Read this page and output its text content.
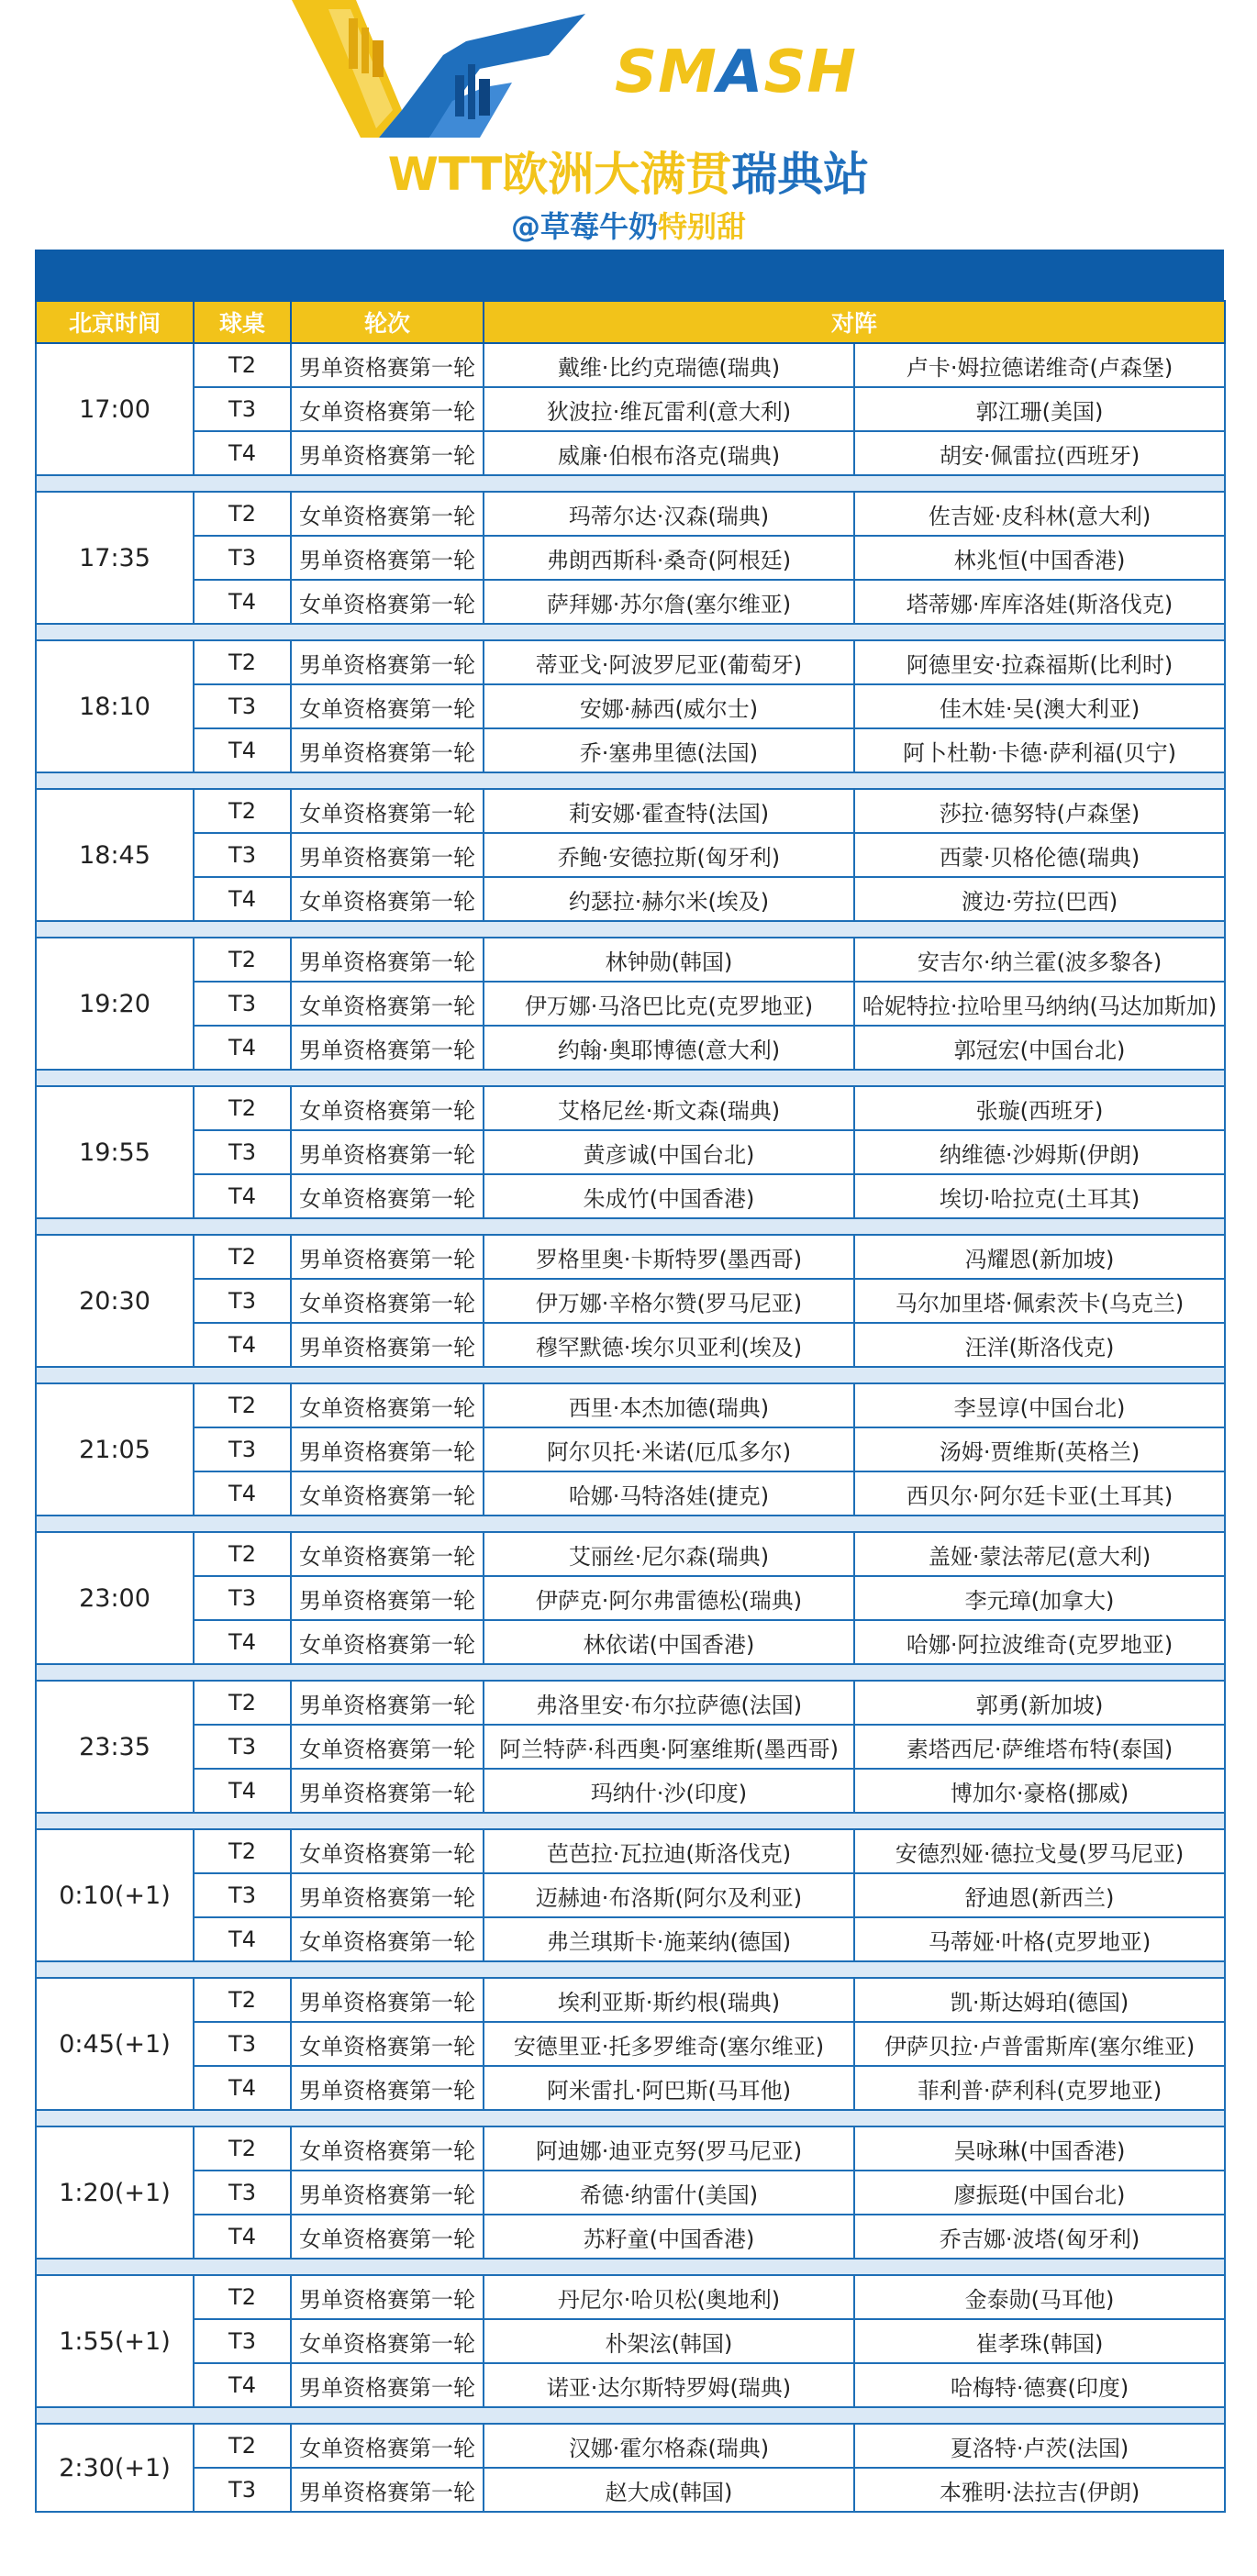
SMASH
WTT欧洲大满贯瑞典站
@草莓牛奶特别甜
北京时间	球桌	轮次	对阵	
17:00	T2	男单资格赛第一轮	戴维·比约克瑞德(瑞典)	卢卡·姆拉德诺维奇(卢森堡)
	T3	女单资格赛第一轮	狄波拉·维瓦雷利(意大利)	郭江珊(美国)
	T4	男单资格赛第一轮	威廉·伯根布洛克(瑞典)	胡安·佩雷拉(西班牙)

17:35	T2	女单资格赛第一轮	玛蒂尔达·汉森(瑞典)	佐吉娅·皮科林(意大利)
	T3	男单资格赛第一轮	弗朗西斯科·桑奇(阿根廷)	林兆恒(中国香港)
	T4	女单资格赛第一轮	萨拜娜·苏尔詹(塞尔维亚)	塔蒂娜·库库洛娃(斯洛伐克)

18:10	T2	男单资格赛第一轮	蒂亚戈·阿波罗尼亚(葡萄牙)	阿德里安·拉森福斯(比利时)
	T3	女单资格赛第一轮	安娜·赫西(威尔士)	佳木娃·吴(澳大利亚)
	T4	男单资格赛第一轮	乔·塞弗里德(法国)	阿卜杜勒·卡德·萨利福(贝宁)

18:45	T2	女单资格赛第一轮	莉安娜·霍查特(法国)	莎拉·德努特(卢森堡)
	T3	男单资格赛第一轮	乔鲍·安德拉斯(匈牙利)	西蒙·贝格伦德(瑞典)
	T4	女单资格赛第一轮	约瑟拉·赫尔米(埃及)	渡边·劳拉(巴西)

19:20	T2	男单资格赛第一轮	林钟勋(韩国)	安吉尔·纳兰霍(波多黎各)
	T3	女单资格赛第一轮	伊万娜·马洛巴比克(克罗地亚)	哈妮特拉·拉哈里马纳纳(马达加斯加)
	T4	男单资格赛第一轮	约翰·奥耶博德(意大利)	郭冠宏(中国台北)

19:55	T2	女单资格赛第一轮	艾格尼丝·斯文森(瑞典)	张璇(西班牙)
	T3	男单资格赛第一轮	黄彦诚(中国台北)	纳维德·沙姆斯(伊朗)
	T4	女单资格赛第一轮	朱成竹(中国香港)	埃切·哈拉克(土耳其)

20:30	T2	男单资格赛第一轮	罗格里奥·卡斯特罗(墨西哥)	冯耀恩(新加坡)
	T3	女单资格赛第一轮	伊万娜·辛格尔赞(罗马尼亚)	马尔加里塔·佩索茨卡(乌克兰)
	T4	男单资格赛第一轮	穆罕默德·埃尔贝亚利(埃及)	汪洋(斯洛伐克)

21:05	T2	女单资格赛第一轮	西里·本杰加德(瑞典)	李昱谆(中国台北)
	T3	男单资格赛第一轮	阿尔贝托·米诺(厄瓜多尔)	汤姆·贾维斯(英格兰)
	T4	女单资格赛第一轮	哈娜·马特洛娃(捷克)	西贝尔·阿尔廷卡亚(土耳其)

23:00	T2	女单资格赛第一轮	艾丽丝·尼尔森(瑞典)	盖娅·蒙法蒂尼(意大利)
	T3	男单资格赛第一轮	伊萨克·阿尔弗雷德松(瑞典)	李元璋(加拿大)
	T4	女单资格赛第一轮	林依诺(中国香港)	哈娜·阿拉波维奇(克罗地亚)

23:35	T2	男单资格赛第一轮	弗洛里安·布尔拉萨德(法国)	郭勇(新加坡)
	T3	女单资格赛第一轮	阿兰特萨·科西奥·阿塞维斯(墨西哥)	素塔西尼·萨维塔布特(泰国)
	T4	男单资格赛第一轮	玛纳什·沙(印度)	博加尔·豪格(挪威)

0:10(+1)	T2	女单资格赛第一轮	芭芭拉·瓦拉迪(斯洛伐克)	安德烈娅·德拉戈曼(罗马尼亚)
	T3	男单资格赛第一轮	迈赫迪·布洛斯(阿尔及利亚)	舒迪恩(新西兰)
	T4	女单资格赛第一轮	弗兰琪斯卡·施莱纳(德国)	马蒂娅·叶格(克罗地亚)

0:45(+1)	T2	男单资格赛第一轮	埃利亚斯·斯约根(瑞典)	凯·斯达姆珀(德国)
	T3	女单资格赛第一轮	安德里亚·托多罗维奇(塞尔维亚)	伊萨贝拉·卢普雷斯库(塞尔维亚)
	T4	男单资格赛第一轮	阿米雷扎·阿巴斯(马耳他)	菲利普·萨利科(克罗地亚)

1:20(+1)	T2	女单资格赛第一轮	阿迪娜·迪亚克努(罗马尼亚)	吴咏琳(中国香港)
	T3	男单资格赛第一轮	希德·纳雷什(美国)	廖振珽(中国台北)
	T4	女单资格赛第一轮	苏籽童(中国香港)	乔吉娜·波塔(匈牙利)

1:55(+1)	T2	男单资格赛第一轮	丹尼尔·哈贝松(奥地利)	金泰勋(马耳他)
	T3	女单资格赛第一轮	朴架泫(韩国)	崔孝珠(韩国)
	T4	男单资格赛第一轮	诺亚·达尔斯特罗姆(瑞典)	哈梅特·德赛(印度)

2:30(+1)	T2	女单资格赛第一轮	汉娜·霍尔格森(瑞典)	夏洛特·卢茨(法国)
	T3	男单资格赛第一轮	赵大成(韩国)	本雅明·法拉吉(伊朗)
